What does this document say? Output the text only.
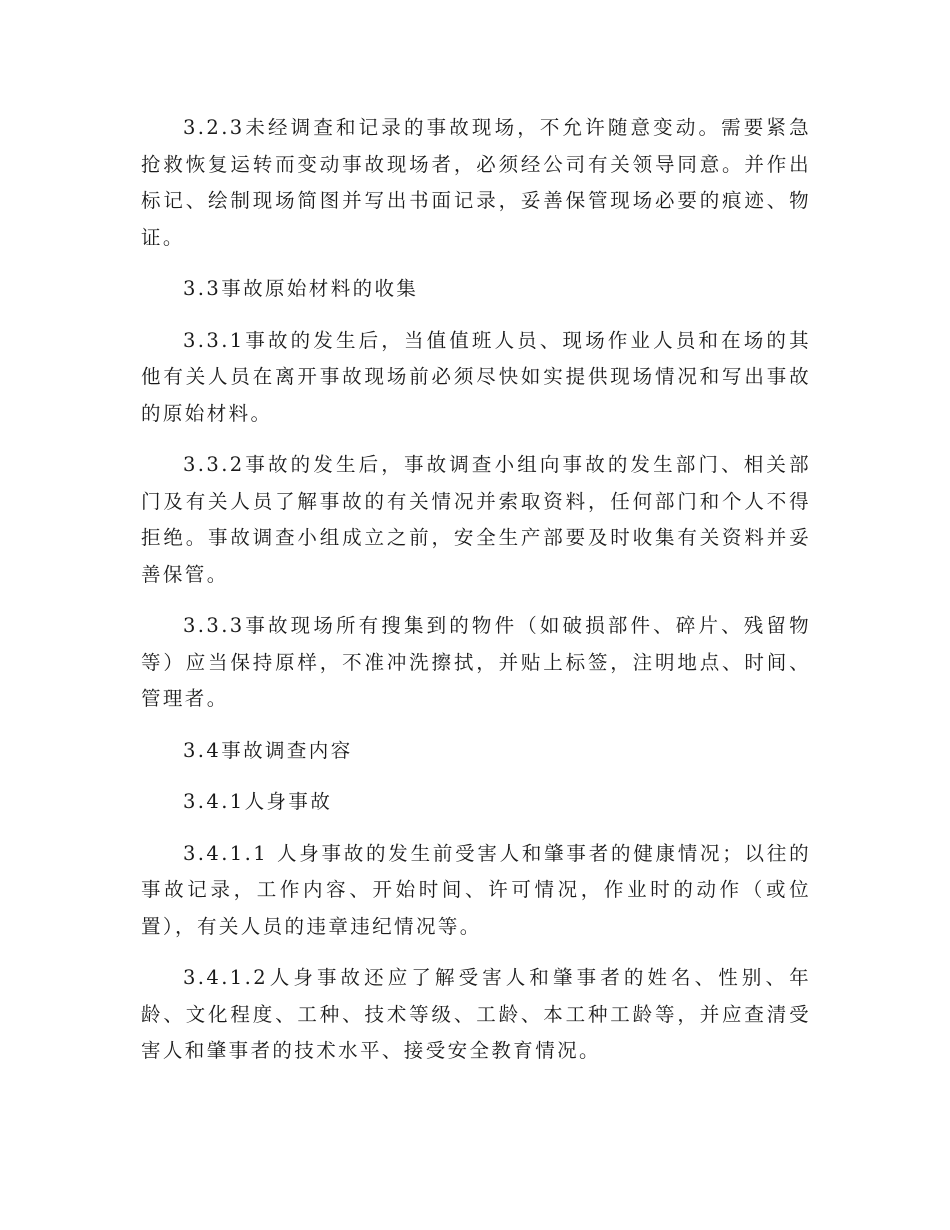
3.2.3未经调查和记录的事故现场，不允许随意变动。需要紧急抢救恢复运转而变动事故现场者，必须经公司有关领导同意。并作出标记、绘制现场简图并写出书面记录，妥善保管现场必要的痕迹、物证。

3.3事故原始材料的收集

3.3.1事故的发生后，当值值班人员、现场作业人员和在场的其他有关人员在离开事故现场前必须尽快如实提供现场情况和写出事故的原始材料。

3.3.2事故的发生后，事故调查小组向事故的发生部门、相关部门及有关人员了解事故的有关情况并索取资料，任何部门和个人不得拒绝。事故调查小组成立之前，安全生产部要及时收集有关资料并妥善保管。

3.3.3事故现场所有搜集到的物件（如破损部件、碎片、残留物等）应当保持原样，不准冲洗擦拭，并贴上标签，注明地点、时间、管理者。

3.4事故调查内容

3.4.1人身事故

3.4.1.1 人身事故的发生前受害人和肇事者的健康情况；以往的事故记录，工作内容、开始时间、许可情况，作业时的动作（或位置），有关人员的违章违纪情况等。

3.4.1.2人身事故还应了解受害人和肇事者的姓名、性别、年龄、文化程度、工种、技术等级、工龄、本工种工龄等，并应查清受害人和肇事者的技术水平、接受安全教育情况。
